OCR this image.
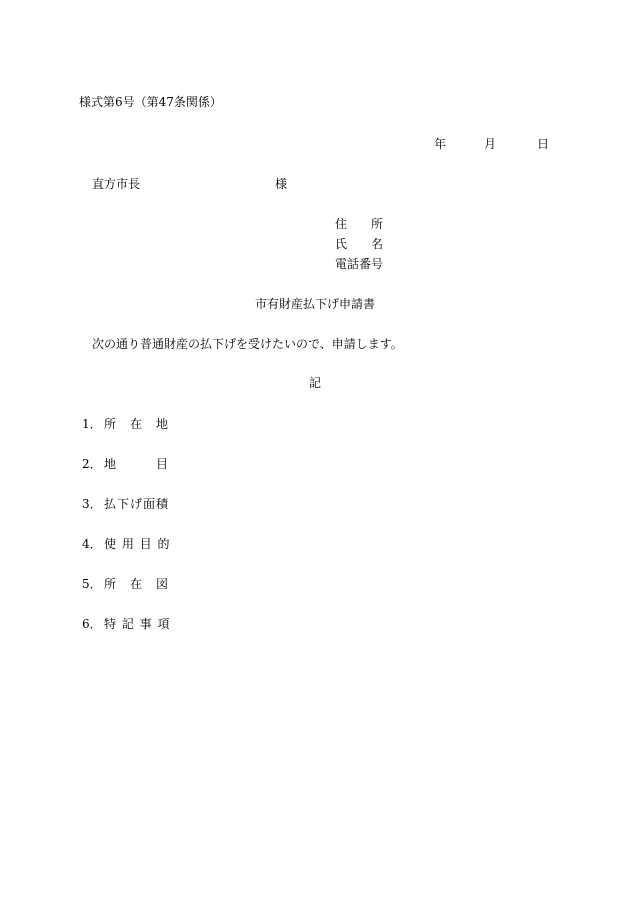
様式第6号（第47条関係）
年	月	日
直方市長	様
住　　所
氏　　名
電話番号
市有財産払下げ申請書
次の通り普通財産の払下げを受けたいので、申請します。
記
1． 所　在　地
2． 地　　　目
3． 払下げ面積
4． 使 用 目 的
5． 所　在　図
6． 特 記 事 項
